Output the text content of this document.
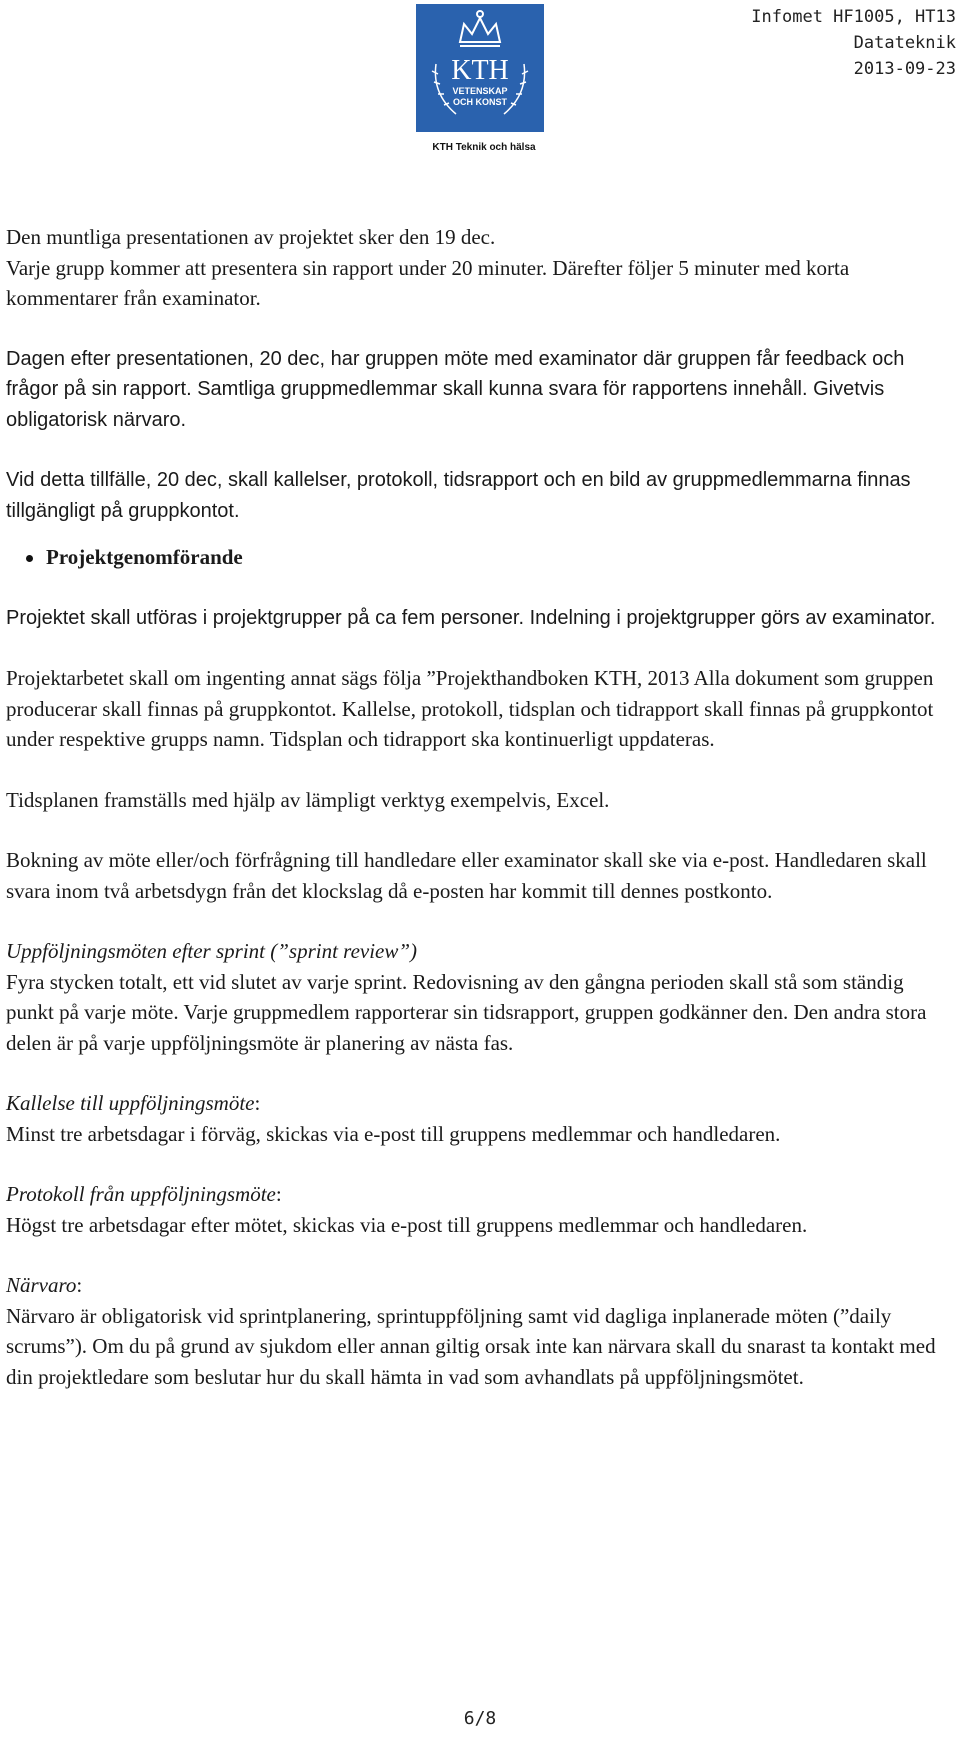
KTH
VETENSKAP
OCH KONST
KTH Teknik och hälsa
Infomet HF1005, HT13
Datateknik
2013-09-23

Den muntliga presentationen av projektet sker den 19 dec.

Varje grupp kommer att presentera sin rapport under 20 minuter. Därefter följer 5 minuter med korta kommentarer från examinator.

Dagen efter presentationen, 20 dec, har gruppen möte med examinator där gruppen får feedback och frågor på sin rapport. Samtliga gruppmedlemmar skall kunna svara för rapportens innehåll. Givetvis obligatorisk närvaro.

Vid detta tillfälle, 20 dec, skall kallelser, protokoll, tidsrapport och en bild av gruppmedlemmarna finnas tillgängligt på gruppkontot.

Projektgenomförande

Projektet skall utföras i projektgrupper på ca fem personer. Indelning i projektgrupper görs av examinator.

Projektarbetet skall om ingenting annat sägs följa ”Projekthandboken KTH, 2013 Alla dokument som gruppen producerar skall finnas på gruppkontot. Kallelse, protokoll, tidsplan och tidrapport skall finnas på gruppkontot under respektive grupps namn. Tidsplan och tidrapport ska kontinuerligt uppdateras.

Tidsplanen framställs med hjälp av lämpligt verktyg exempelvis, Excel.

Bokning av möte eller/och förfrågning till handledare eller examinator skall ske via e-post. Handledaren skall svara inom två arbetsdygn från det klockslag då e-posten har kommit till dennes postkonto.

Uppföljningsmöten efter sprint (”sprint review”)

Fyra stycken totalt, ett vid slutet av varje sprint. Redovisning av den gångna perioden skall stå som ständig punkt på varje möte. Varje gruppmedlem rapporterar sin tidsrapport, gruppen godkänner den. Den andra stora delen är på varje uppföljningsmöte är planering av nästa fas.

Kallelse till uppföljningsmöte:

Minst tre arbetsdagar i förväg, skickas via e-post till gruppens medlemmar och handledaren.

Protokoll från uppföljningsmöte:

Högst tre arbetsdagar efter mötet, skickas via e-post till gruppens medlemmar och handledaren.

Närvaro:

Närvaro är obligatorisk vid sprintplanering, sprintuppföljning samt vid dagliga inplanerade möten (”daily scrums”). Om du på grund av sjukdom eller annan giltig orsak inte kan närvara skall du snarast ta kontakt med din projektledare som beslutar hur du skall hämta in vad som avhandlats på uppföljningsmötet.

6/8
